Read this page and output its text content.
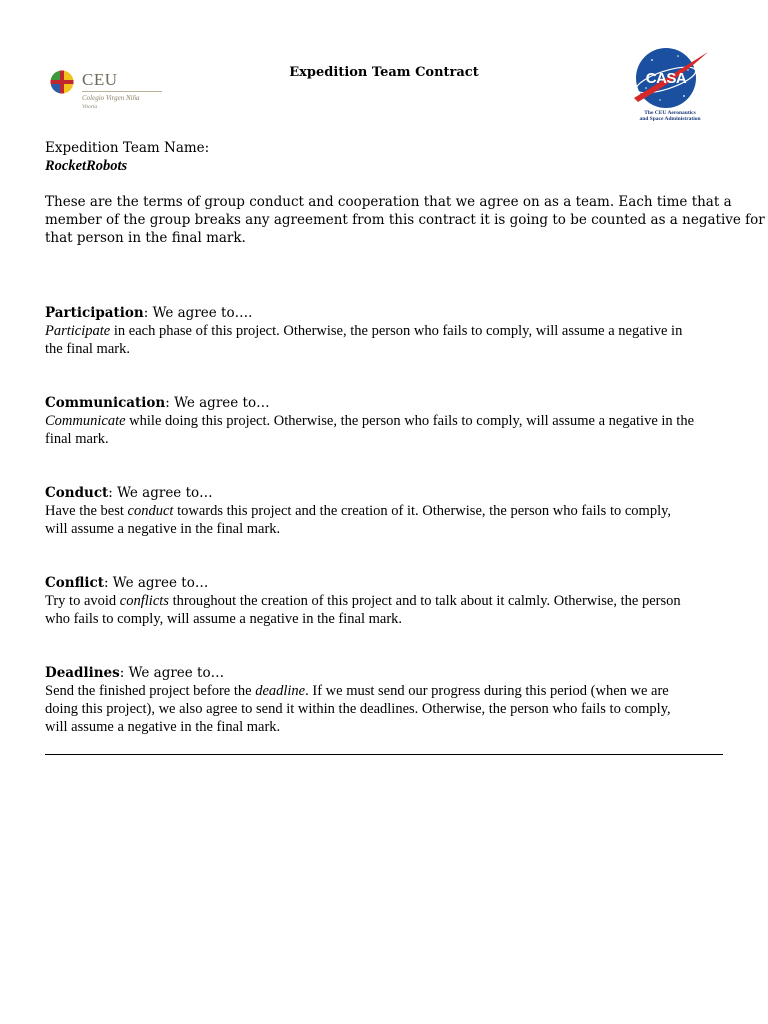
CEU
Colegio Virgen Niña
Vitoria
Expedition Team Contract	CASA
The CEU Aeronautics
and Space Administration
Expedition Team Name:
RocketRobots
These are the terms of group conduct and cooperation that we agree on as a team. Each time that a
member of the group breaks any agreement from this contract it is going to be counted as a negative for
that person in the final mark.
Participation: We agree to….
Participate in each phase of this project. Otherwise, the person who fails to comply, will assume a negative in
the final mark.
Communication: We agree to…
Communicate while doing this project. Otherwise, the person who fails to comply, will assume a negative in the
final mark.
Conduct: We agree to…
Have the best conduct towards this project and the creation of it. Otherwise, the person who fails to comply,
will assume a negative in the final mark.
Conflict: We agree to…
Try to avoid conflicts throughout the creation of this project and to talk about it calmly. Otherwise, the person
who fails to comply, will assume a negative in the final mark.
Deadlines: We agree to…
Send the finished project before the deadline. If we must send our progress during this period (when we are
doing this project), we also agree to send it within the deadlines. Otherwise, the person who fails to comply,
will assume a negative in the final mark.
